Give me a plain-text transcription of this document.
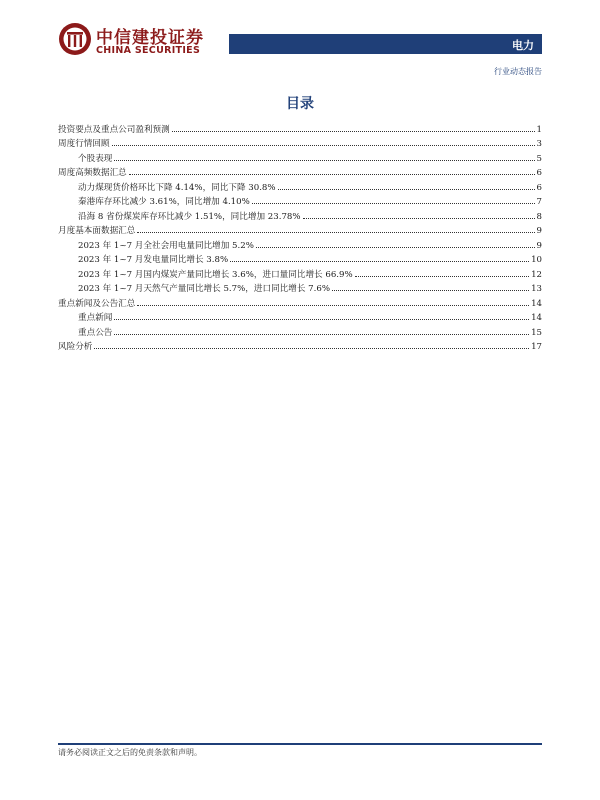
中信建投证券
CHINA SECURITIES	电力
行业动态报告
目录
投资要点及重点公司盈利预测	1
周度行情回顾	3
个股表现	5
周度高频数据汇总	6
动力煤现货价格环比下降 4.14%，同比下降 30.8%	6
秦港库存环比减少 3.61%，同比增加 4.10%	7
沿海 8 省份煤炭库存环比减少 1.51%，同比增加 23.78%	8
月度基本面数据汇总	9
2023 年 1~7 月全社会用电量同比增加 5.2%	9
2023 年 1~7 月发电量同比增长 3.8%	10
2023 年 1~7 月国内煤炭产量同比增长 3.6%，进口量同比增长 66.9%	12
2023 年 1~7 月天然气产量同比增长 5.7%，进口同比增长 7.6%	13
重点新闻及公告汇总	14
重点新闻	14
重点公告	15
风险分析	17
请务必阅读正文之后的免责条款和声明。
